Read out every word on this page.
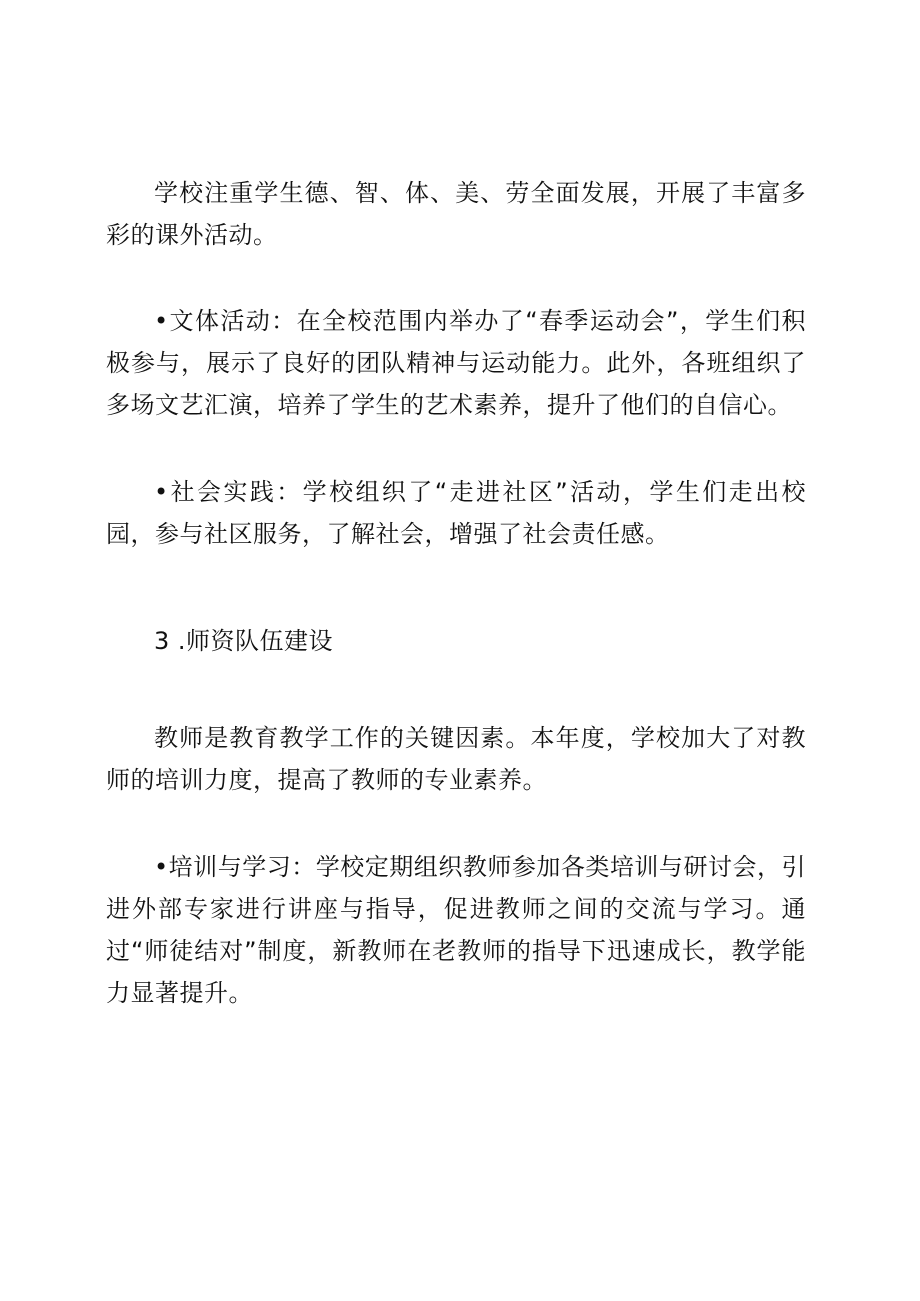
学校注重学生德、智、体、美、劳全面发展，开展了丰富多彩的课外活动。

•文体活动：在全校范围内举办了“春季运动会”，学生们积极参与，展示了良好的团队精神与运动能力。此外，各班组织了多场文艺汇演，培养了学生的艺术素养，提升了他们的自信心。

•社会实践：学校组织了“走进社区”活动，学生们走出校园，参与社区服务，了解社会，增强了社会责任感。

3 .师资队伍建设

教师是教育教学工作的关键因素。本年度，学校加大了对教师的培训力度，提高了教师的专业素养。

•培训与学习：学校定期组织教师参加各类培训与研讨会，引进外部专家进行讲座与指导，促进教师之间的交流与学习。通过“师徒结对”制度，新教师在老教师的指导下迅速成长，教学能力显著提升。
